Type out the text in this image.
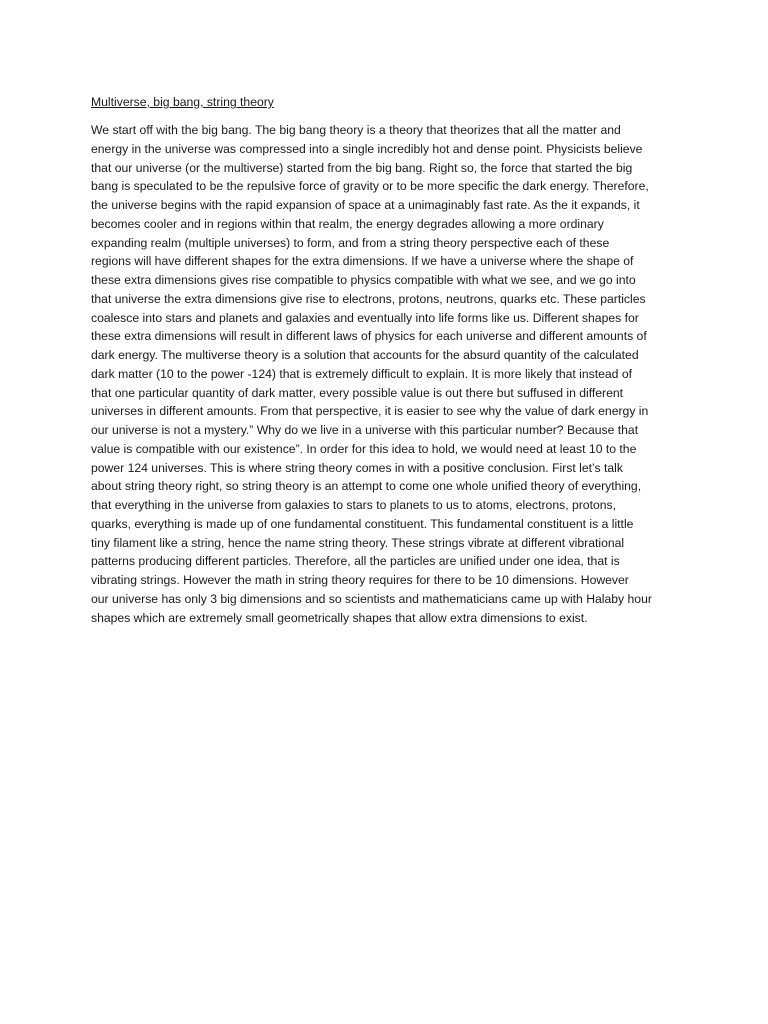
Multiverse, big bang, string theory
We start off with the big bang. The big bang theory is a theory that theorizes that all the matter and
energy in the universe was compressed into a single incredibly hot and dense point. Physicists believe
that our universe (or the multiverse) started from the big bang. Right so, the force that started the big
bang is speculated to be the repulsive force of gravity or to be more specific the dark energy. Therefore,
the universe begins with the rapid expansion of space at a unimaginably fast rate. As the it expands, it
becomes cooler and in regions within that realm, the energy degrades allowing a more ordinary
expanding realm (multiple universes) to form, and from a string theory perspective each of these
regions will have different shapes for the extra dimensions. If we have a universe where the shape of
these extra dimensions gives rise compatible to physics compatible with what we see, and we go into
that universe the extra dimensions give rise to electrons, protons, neutrons, quarks etc. These particles
coalesce into stars and planets and galaxies and eventually into life forms like us. Different shapes for
these extra dimensions will result in different laws of physics for each universe and different amounts of
dark energy. The multiverse theory is a solution that accounts for the absurd quantity of the calculated
dark matter (10 to the power -124) that is extremely difficult to explain. It is more likely that instead of
that one particular quantity of dark matter, every possible value is out there but suffused in different
universes in different amounts. From that perspective, it is easier to see why the value of dark energy in
our universe is not a mystery.” Why do we live in a universe with this particular number? Because that
value is compatible with our existence”. In order for this idea to hold, we would need at least 10 to the
power 124 universes. This is where string theory comes in with a positive conclusion. First let’s talk
about string theory right, so string theory is an attempt to come one whole unified theory of everything,
that everything in the universe from galaxies to stars to planets to us to atoms, electrons, protons,
quarks, everything is made up of one fundamental constituent. This fundamental constituent is a little
tiny filament like a string, hence the name string theory. These strings vibrate at different vibrational
patterns producing different particles. Therefore, all the particles are unified under one idea, that is
vibrating strings. However the math in string theory requires for there to be 10 dimensions. However
our universe has only 3 big dimensions and so scientists and mathematicians came up with Halaby hour
shapes which are extremely small geometrically shapes that allow extra dimensions to exist.
